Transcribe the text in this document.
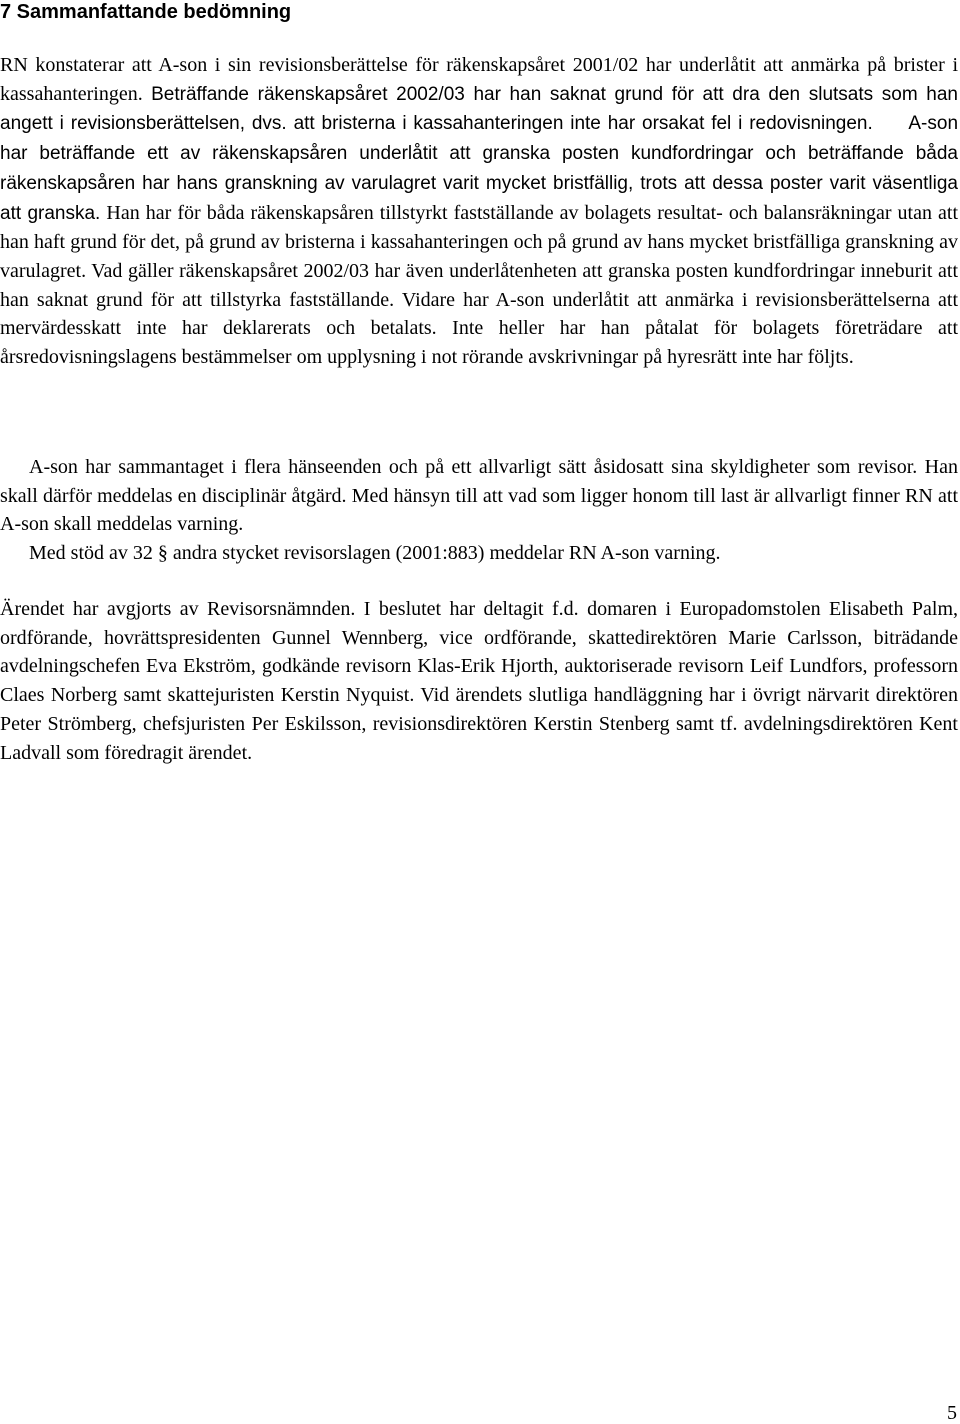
7 Sammanfattande bedömning

RN konstaterar att A-son i sin revisionsberättelse för räkenskapsåret 2001/02 har underlåtit att anmärka på brister i kassahanteringen. Beträffande räkenskapsåret 2002/03 har han saknat grund för att dra den slutsats som han angett i revisionsberättelsen, dvs. att bristerna i kassahanteringen inte har orsakat fel i redovisningen. A-son har beträffande ett av räkenskapsåren underlåtit att granska posten kundfordringar och beträffande båda räkenskapsåren har hans granskning av varulagret varit mycket bristfällig, trots att dessa poster varit väsentliga att granska. Han har för båda räkenskapsåren tillstyrkt fastställande av bolagets resultat- och balansräkningar utan att han haft grund för det, på grund av bristerna i kassahanteringen och på grund av hans mycket bristfälliga granskning av varulagret. Vad gäller räkenskapsåret 2002/03 har även underlåtenheten att granska posten kundfordringar inneburit att han saknat grund för att tillstyrka fastställande. Vidare har A-son underlåtit att anmärka i revisionsberättelserna att mervärdesskatt inte har deklarerats och betalats. Inte heller har han påtalat för bolagets företrädare att årsredovisningslagens bestämmelser om upplysning i not rörande avskrivningar på hyresrätt inte har följts.

A-son har sammantaget i flera hänseenden och på ett allvarligt sätt åsidosatt sina skyldigheter som revisor. Han skall därför meddelas en disciplinär åtgärd. Med hänsyn till att vad som ligger honom till last är allvarligt finner RN att A-son skall meddelas varning.

Med stöd av 32 § andra stycket revisorslagen (2001:883) meddelar RN A-son varning.

Ärendet har avgjorts av Revisorsnämnden. I beslutet har deltagit f.d. domaren i Europadomstolen Elisabeth Palm, ordförande, hovrättspresidenten Gunnel Wennberg, vice ordförande, skattedirektören Marie Carlsson, biträdande avdelningschefen Eva Ekström, godkände revisorn Klas-Erik Hjorth, auktoriserade revisorn Leif Lundfors, professorn Claes Norberg samt skattejuristen Kerstin Nyquist. Vid ärendets slutliga handläggning har i övrigt närvarit direktören Peter Strömberg, chefsjuristen Per Eskilsson, revisionsdirektören Kerstin Stenberg samt tf. avdelningsdirektören Kent Ladvall som föredragit ärendet.

5
